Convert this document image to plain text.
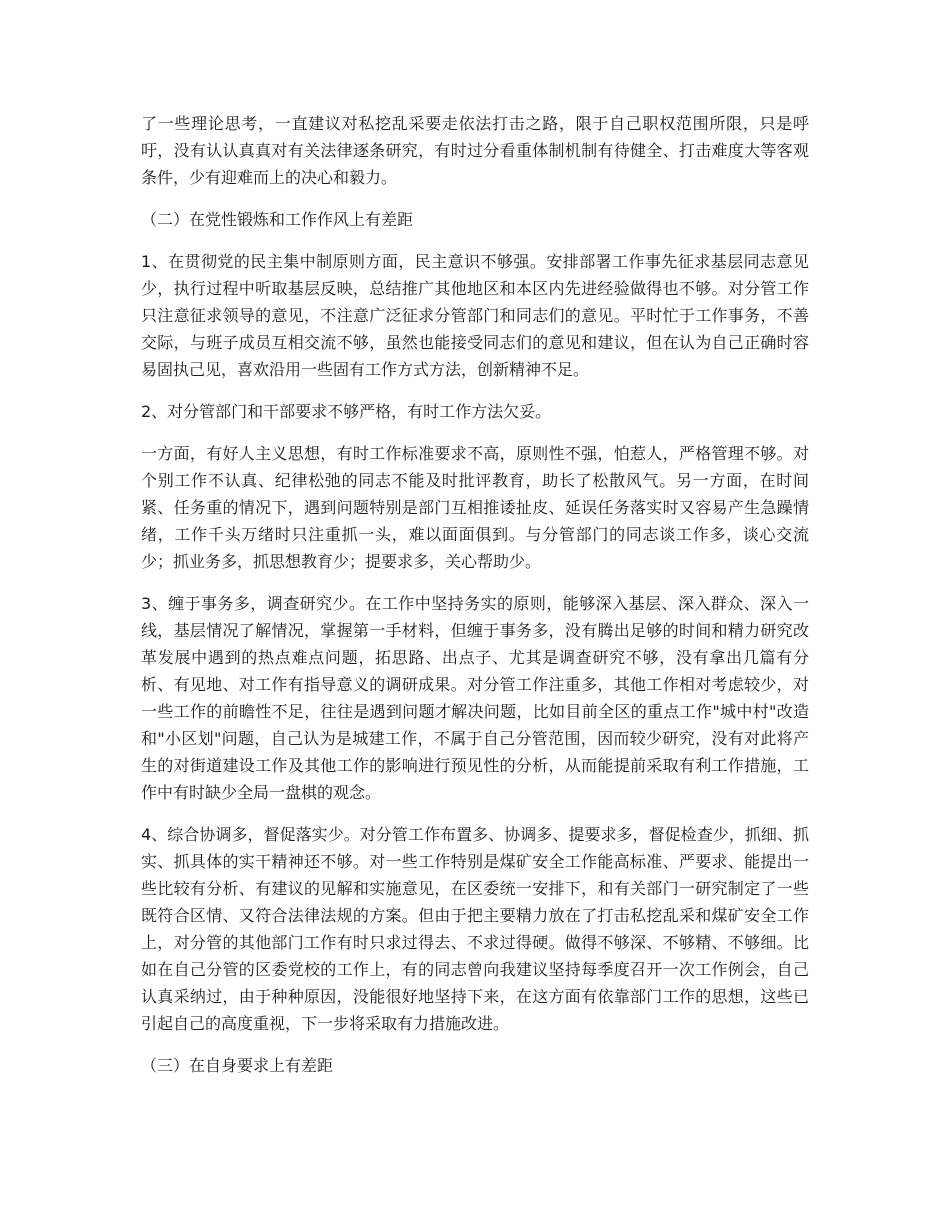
了一些理论思考，一直建议对私挖乱采要走依法打击之路，限于自己职权范围所限，只是呼吁，没有认认真真对有关法律逐条研究，有时过分看重体制机制有待健全、打击难度大等客观条件，少有迎难而上的决心和毅力。

（二）在党性锻炼和工作作风上有差距

1、在贯彻党的民主集中制原则方面，民主意识不够强。安排部署工作事先征求基层同志意见少，执行过程中听取基层反映，总结推广其他地区和本区内先进经验做得也不够。对分管工作只注意征求领导的意见，不注意广泛征求分管部门和同志们的意见。平时忙于工作事务，不善交际，与班子成员互相交流不够，虽然也能接受同志们的意见和建议，但在认为自己正确时容易固执己见，喜欢沿用一些固有工作方式方法，创新精神不足。

2、对分管部门和干部要求不够严格，有时工作方法欠妥。

一方面，有好人主义思想，有时工作标准要求不高，原则性不强，怕惹人，严格管理不够。对个别工作不认真、纪律松弛的同志不能及时批评教育，助长了松散风气。另一方面，在时间紧、任务重的情况下，遇到问题特别是部门互相推诿扯皮、延误任务落实时又容易产生急躁情绪，工作千头万绪时只注重抓一头，难以面面俱到。与分管部门的同志谈工作多，谈心交流少；抓业务多，抓思想教育少；提要求多，关心帮助少。

3、缠于事务多，调查研究少。在工作中坚持务实的原则，能够深入基层、深入群众、深入一线，基层情况了解情况，掌握第一手材料，但缠于事务多，没有腾出足够的时间和精力研究改革发展中遇到的热点难点问题，拓思路、出点子、尤其是调查研究不够，没有拿出几篇有分析、有见地、对工作有指导意义的调研成果。对分管工作注重多，其他工作相对考虑较少，对一些工作的前瞻性不足，往往是遇到问题才解决问题，比如目前全区的重点工作"城中村"改造和"小区划"问题，自己认为是城建工作，不属于自己分管范围，因而较少研究，没有对此将产生的对街道建设工作及其他工作的影响进行预见性的分析，从而能提前采取有利工作措施，工作中有时缺少全局一盘棋的观念。

4、综合协调多，督促落实少。对分管工作布置多、协调多、提要求多，督促检查少，抓细、抓实、抓具体的实干精神还不够。对一些工作特别是煤矿安全工作能高标准、严要求、能提出一些比较有分析、有建议的见解和实施意见，在区委统一安排下，和有关部门一研究制定了一些既符合区情、又符合法律法规的方案。但由于把主要精力放在了打击私挖乱采和煤矿安全工作上，对分管的其他部门工作有时只求过得去、不求过得硬。做得不够深、不够精、不够细。比如在自己分管的区委党校的工作上，有的同志曾向我建议坚持每季度召开一次工作例会，自己认真采纳过，由于种种原因，没能很好地坚持下来，在这方面有依靠部门工作的思想，这些已引起自己的高度重视，下一步将采取有力措施改进。

（三）在自身要求上有差距
